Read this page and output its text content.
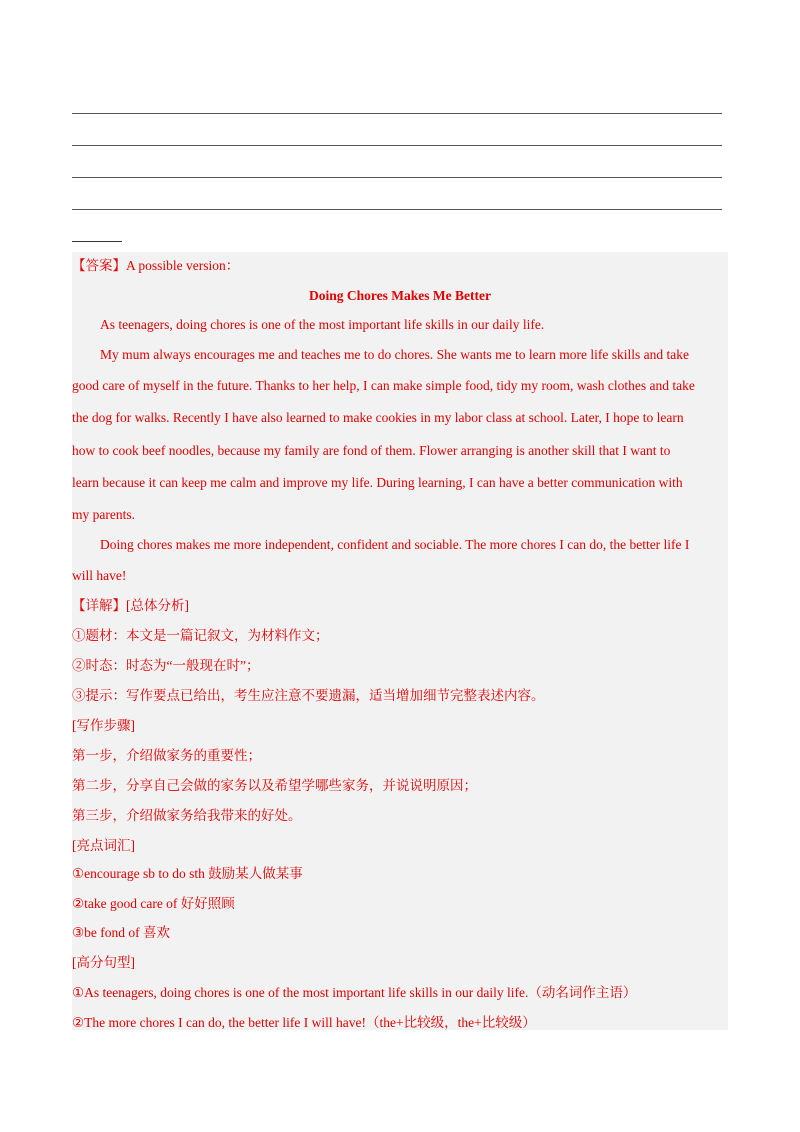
【答案】A possible version：
Doing Chores Makes Me Better
As teenagers, doing chores is one of the most important life skills in our daily life.
My mum always encourages me and teaches me to do chores. She wants me to learn more life skills and take
good care of myself in the future. Thanks to her help, I can make simple food, tidy my room, wash clothes and take
the dog for walks. Recently I have also learned to make cookies in my labor class at school. Later, I hope to learn
how to cook beef noodles, because my family are fond of them. Flower arranging is another skill that I want to
learn because it can keep me calm and improve my life. During learning, I can have a better communication with
my parents.
Doing chores makes me more independent, confident and sociable. The more chores I can do, the better life I
will have!
【详解】[总体分析]
①题材：本文是一篇记叙文，为材料作文；
②时态：时态为“一般现在时”；
③提示：写作要点已给出，考生应注意不要遗漏，适当增加细节完整表述内容。
[写作步骤]
第一步，介绍做家务的重要性；
第二步，分享自己会做的家务以及希望学哪些家务，并说说明原因；
第三步，介绍做家务给我带来的好处。
[亮点词汇]
①encourage sb to do sth 鼓励某人做某事
②take good care of 好好照顾
③be fond of 喜欢
[高分句型]
①As teenagers, doing chores is one of the most important life skills in our daily life.（动名词作主语）
②The more chores I can do, the better life I will have!（the+比较级，the+比较级）
